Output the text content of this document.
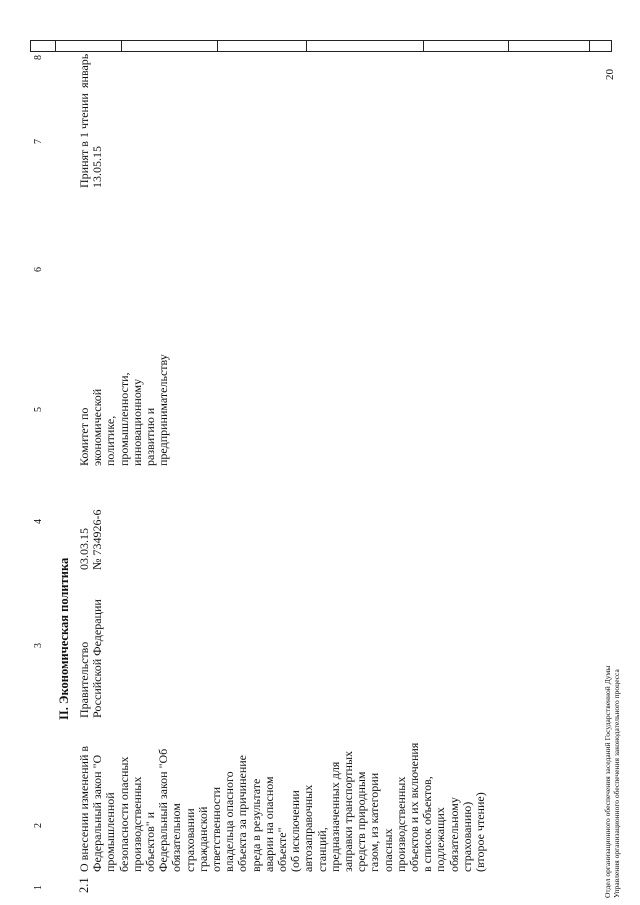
1
2
3
4
5
6
7
8
II. Экономическая политика
2.1
О внесении изменений в Федеральный закон "О промышленной безопасности опасных производственных объектов" и Федеральный закон "Об обязательном страховании гражданской ответственности владельца опасного объекта за причинение вреда в результате аварии на опасном объекте" (об исключении автозаправочных станций, предназначенных для заправки транспортных средств природным газом, из категории опасных производственных объектов и их включения в список объектов, подлежащих обязательному страхованию) (второе чтение)
Правительство Российской Федерации
03.03.15 № 734926-6
Комитет по экономической политике, промышленности, инновационному развитию и предпринимательству
Принят в 1 чтении 13.05.15
январь	20
Отдел организационного обеспечения заседаний Государственной Думы Управления организационного обеспечения законодательного процесса
